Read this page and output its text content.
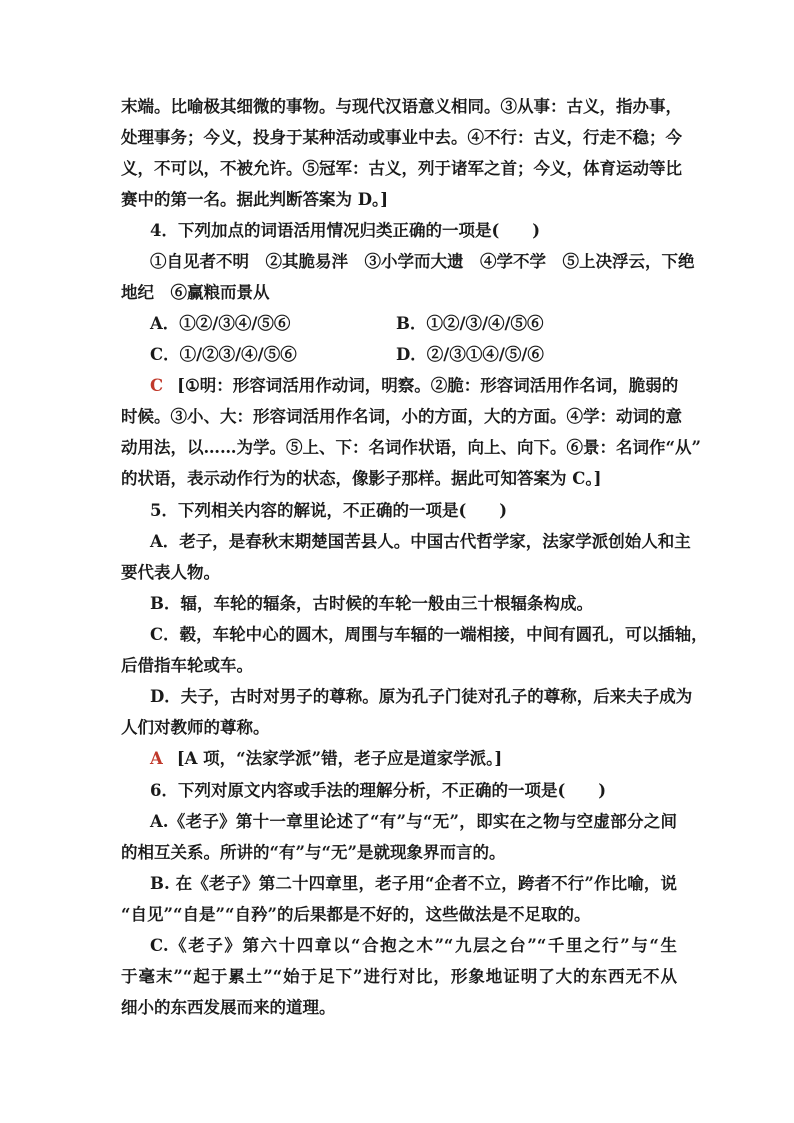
末端。比喻极其细微的事物。与现代汉语意义相同。③从事：古义，指办事，
处理事务；今义，投身于某种活动或事业中去。④不行：古义，行走不稳；今
义，不可以，不被允许。⑤冠军：古义，列于诸军之首；今义，体育运动等比
赛中的第一名。据此判断答案为 D。]
4．下列加点的词语活用情况归类正确的一项是(　　)
①自见者不明　②其脆易泮　③小学而大遗　④学不学　⑤上决浮云，下绝
地纪　⑥赢粮而景从
A．①②/③④/⑤⑥	B．①②/③/④/⑤⑥
C．①/②③/④/⑤⑥	D．②/③①④/⑤/⑥
C [①明：形容词活用作动词，明察。②脆：形容词活用作名词，脆弱的
时候。③小、大：形容词活用作名词，小的方面，大的方面。④学：动词的意
动用法，以……为学。⑤上、下：名词作状语，向上、向下。⑥景：名词作“从”
的状语，表示动作行为的状态，像影子那样。据此可知答案为 C。]
5．下列相关内容的解说，不正确的一项是(　　)
A．老子，是春秋末期楚国苦县人。中国古代哲学家，法家学派创始人和主
要代表人物。
B．辐，车轮的辐条，古时候的车轮一般由三十根辐条构成。
C．毂，车轮中心的圆木，周围与车辐的一端相接，中间有圆孔，可以插轴，
后借指车轮或车。
D．夫子，古时对男子的尊称。原为孔子门徒对孔子的尊称，后来夫子成为
人们对教师的尊称。
A [A 项，“法家学派”错，老子应是道家学派。]
6．下列对原文内容或手法的理解分析，不正确的一项是(　　)
A.《老子》第十一章里论述了“有”与“无”，即实在之物与空虚部分之间
的相互关系。所讲的“有”与“无”是就现象界而言的。
B. 在《老子》第二十四章里，老子用“企者不立，跨者不行”作比喻，说
“自见”“自是”“自矜”的后果都是不好的，这些做法是不足取的。
C.《老子》第六十四章以“合抱之木”“九层之台”“千里之行”与“生
于毫末”“起于累土”“始于足下”进行对比，形象地证明了大的东西无不从
细小的东西发展而来的道理。
